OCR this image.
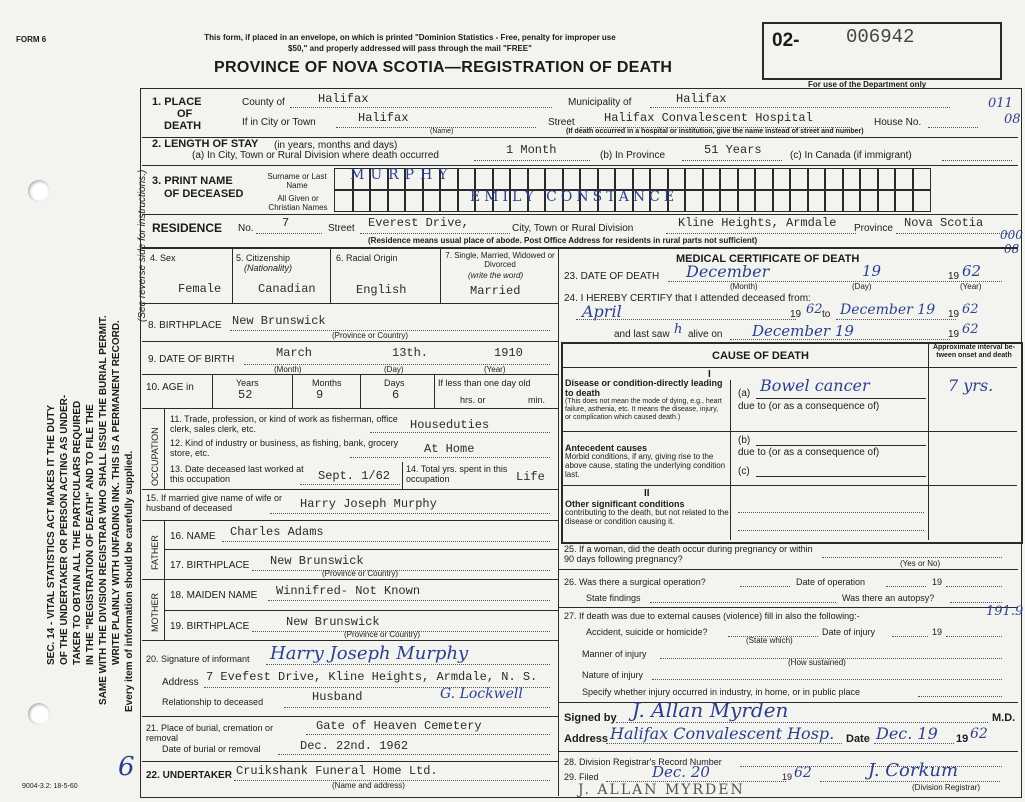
FORM 6	This form, if placed in an envelope, on which is printed "Dominion Statistics - Free, penalty for improper use $50," and properly addressed will pass through the mail "FREE"
PROVINCE OF NOVA SCOTIA—REGISTRATION OF DEATH
02- 006942
For use of the Department only
011
08
000
08
SEC. 14 - VITAL STATISTICS ACT MAKES IT THE DUTY OF THE UNDERTAKER OR PERSON ACTING AS UNDER- TAKER TO OBTAIN ALL THE PARTICULARS REQUIRED IN THE "REGISTRATION OF DEATH" AND TO FILE THE SAME WITH THE DIVISION REGISTRAR WHO SHALL ISSUE THE BURIAL PERMIT. WRITE PLAINLY WITH UNFADING INK. THIS IS A PERMANENT RECORD. Every item of information should be carefully supplied.
(See reverse side for instructions.)
6
9004-3.2: 18-5-60
1. PLACE
OF
DEATH
County of	Halifax	Municipality of	Halifax
If in City or Town	Halifax
(Name)
Street Halifax Convalescent Hospital	House No.
(If death occurred in a hospital or institution, give the name instead of street and number)
2. LENGTH OF STAY (in years, months and days)
(a) In City, Town or Rural Division where death occurred	1 Month	(b) In Province	51 Years	(c) In Canada (if immigrant)
3. PRINT NAME
OF DECEASED
Surname or Last Name
All Given or Christian Names
MURPHY
EMILY CONSTANCE
RESIDENCE No. 7	Street Everest Drive,	City, Town or Rural Division	Kline Heights, Armdale Province Nova Scotia
(Residence means usual place of abode. Post Office Address for residents in rural parts not sufficient)
4. Sex
Female
5. Citizenship
(Nationality)
Canadian
6. Racial Origin
English
7. Single, Married, Widowed or Divorced
(write the word)
Married
8. BIRTHPLACE New Brunswick
(Province or Country)
9. DATE OF BIRTH	March	13th.	1910
(Month)	(Day)	(Year)
10. AGE in	Years	Months	Days
52	9	6
If less than one day old
hrs. or	min.
OCCUPATION
11. Trade, profession, or kind of work as fisherman, office clerk, sales clerk, etc.	Houseduties
12. Kind of industry or business, as fishing, bank, grocery store, etc.	At Home
13. Date deceased last worked at this occupation	Sept. 1/62 14. Total yrs. spent in this occupation	Life
15. If married give name of wife or husband of deceased	Harry Joseph Murphy
FATHER 16. NAME Charles Adams
17. BIRTHPLACE New Brunswick
(Province or Country)
MOTHER 18. MAIDEN NAME Winnifred- Not Known
19. BIRTHPLACE	New Brunswick
(Province or Country)
20. Signature of informant Harry Joseph Murphy
Address 7 Evefest Drive, Kline Heights, Armdale, N. S.
Relationship to deceased	Husband	G. Lockwell
21. Place of burial, cremation or removal
Gate of Heaven Cemetery
Date of burial or removal	Dec. 22nd. 1962
22. UNDERTAKER Cruikshank Funeral Home Ltd.
(Name and address)
MEDICAL CERTIFICATE OF DEATH
23. DATE OF DEATH December	19	19 62
(Month)	(Day)	(Year)
24. I HEREBY CERTIFY that I attended deceased from:
April	19 62 to December 19 19 62
and last saw h alive on December 19	19 62
CAUSE OF DEATH
Approximate interval be-tween onset and death
I
Disease or condition-directly leading to death
(This does not mean the mode of dying, e.g., heart failure, asthenia, etc. It means the disease, injury, or complication which caused death.)
(a) Bowel cancer	7 yrs.
due to (or as a consequence of)
(b)
Antecedent causes
Morbid conditions, if any, giving rise to the above cause, stating the underlying condition last.
due to (or as a consequence of)
(c)
II
Other significant conditions
contributing to the death, but not related to the disease or condition causing it.
25. If a woman, did the death occur during pregnancy or within 90 days following pregnancy?	(Yes or No)
26. Was there a surgical operation?	Date of operation	19
State findings	Was there an autopsy?
27. If death was due to external causes (violence) fill in also the following:-	191.9
Accident, suicide or homicide?
(State which)
Date of injury	19
Manner of injury
(How sustained)
Nature of injury
Specify whether injury occurred in industry, in home, or in public place
Signed by J. Allan Myrden	M.D.
Address Halifax Convalescent Hosp. Date Dec. 19 19 62
28. Division Registrar's Record Number
29. Filed	Dec. 20	19 62	J. Corkum
(Division Registrar)
J. ALLAN MYRDEN
